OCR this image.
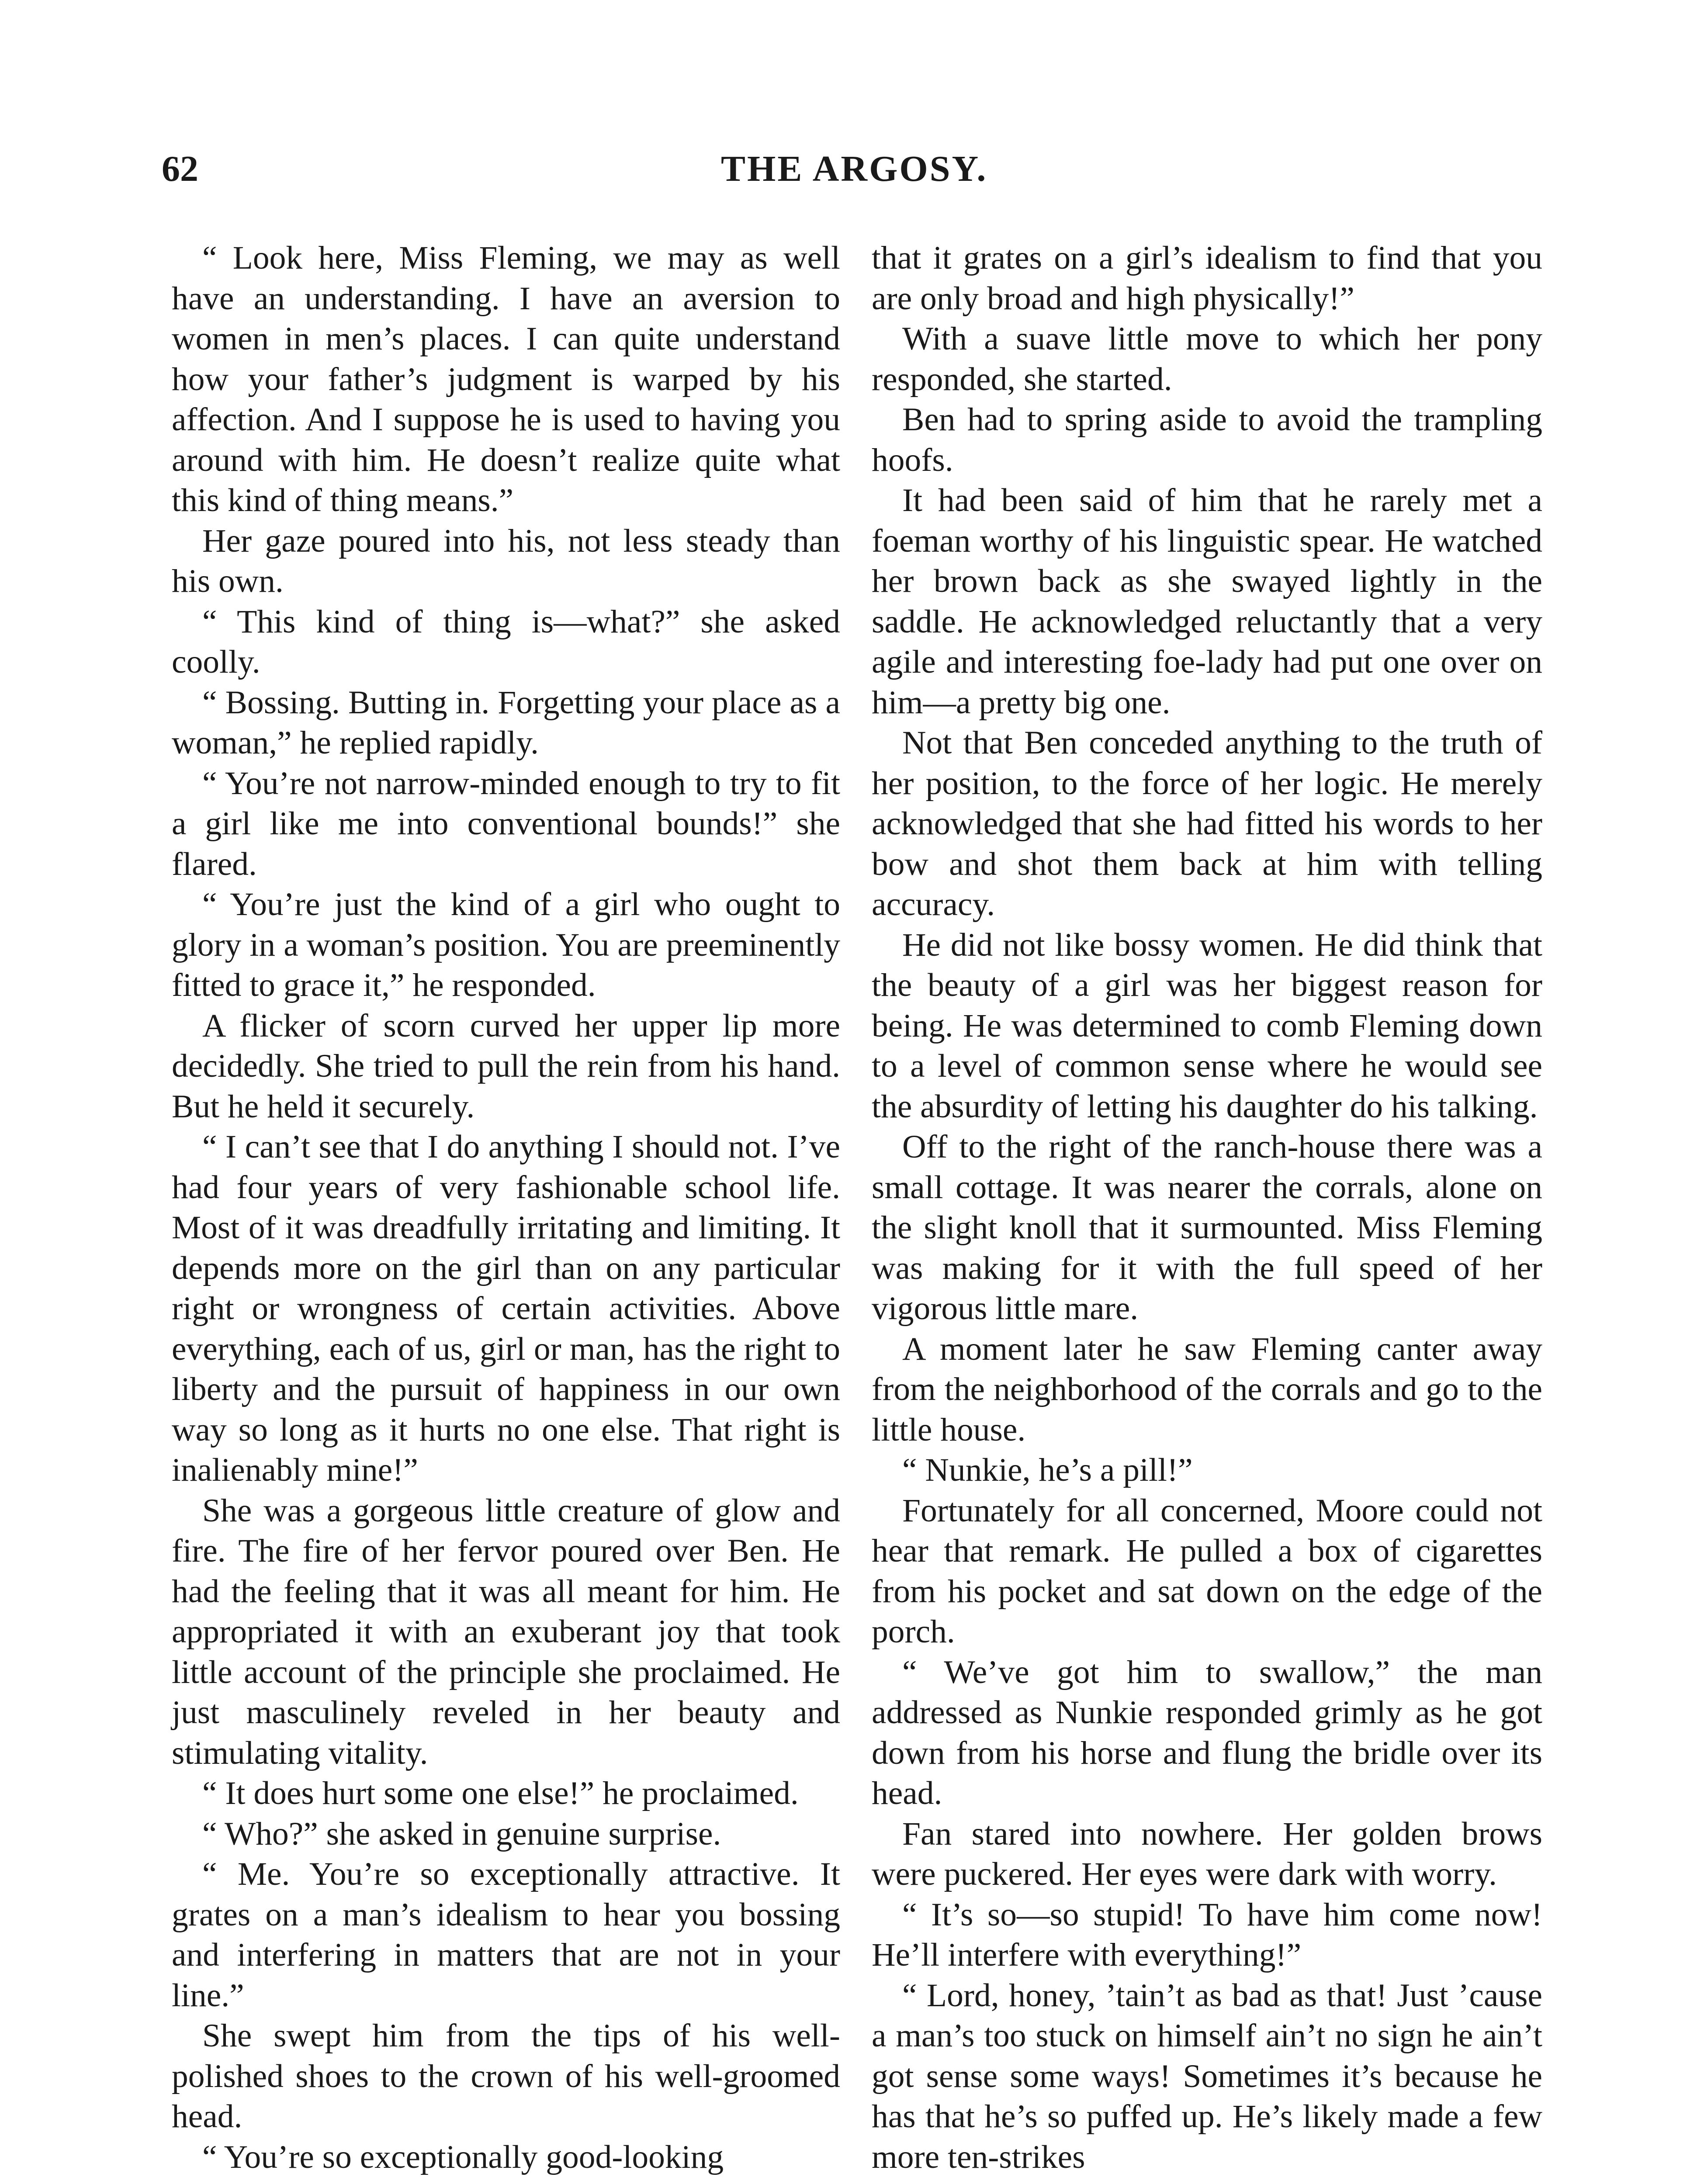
62	THE ARGOSY.

“ Look here, Miss Fleming, we may as well have an understanding. I have an aversion to women in men’s places. I can quite understand how your father’s judgment is warped by his affection. And I suppose he is used to having you around with him. He doesn’t realize quite what this kind of thing means.”

Her gaze poured into his, not less steady than his own.

“ This kind of thing is—what?” she asked coolly.

“ Bossing. Butting in. Forgetting your place as a woman,” he replied rapidly.

“ You’re not narrow-minded enough to try to fit a girl like me into conventional bounds!” she flared.

“ You’re just the kind of a girl who ought to glory in a woman’s position. You are preeminently fitted to grace it,” he responded.

A flicker of scorn curved her upper lip more decidedly. She tried to pull the rein from his hand. But he held it securely.

“ I can’t see that I do anything I should not. I’ve had four years of very fashionable school life. Most of it was dreadfully irritating and limiting. It depends more on the girl than on any particular right or wrongness of certain activities. Above everything, each of us, girl or man, has the right to liberty and the pursuit of happiness in our own way so long as it hurts no one else. That right is inalienably mine!”

She was a gorgeous little creature of glow and fire. The fire of her fervor poured over Ben. He had the feeling that it was all meant for him. He appropriated it with an exuberant joy that took little account of the principle she proclaimed. He just masculinely reveled in her beauty and stimulating vitality.

“ It does hurt some one else!” he proclaimed.

“ Who?” she asked in genuine surprise.

“ Me. You’re so exceptionally attractive. It grates on a man’s idealism to hear you bossing and interfering in matters that are not in your line.”

She swept him from the tips of his well-polished shoes to the crown of his well-groomed head.

“ You’re so exceptionally good-looking

that it grates on a girl’s idealism to find that you are only broad and high physically!”

With a suave little move to which her pony responded, she started.

Ben had to spring aside to avoid the trampling hoofs.

It had been said of him that he rarely met a foeman worthy of his linguistic spear. He watched her brown back as she swayed lightly in the saddle. He acknowledged reluctantly that a very agile and interesting foe-lady had put one over on him—a pretty big one.

Not that Ben conceded anything to the truth of her position, to the force of her logic. He merely acknowledged that she had fitted his words to her bow and shot them back at him with telling accuracy.

He did not like bossy women. He did think that the beauty of a girl was her biggest reason for being. He was determined to comb Fleming down to a level of common sense where he would see the absurdity of letting his daughter do his talking.

Off to the right of the ranch-house there was a small cottage. It was nearer the corrals, alone on the slight knoll that it surmounted. Miss Fleming was making for it with the full speed of her vigorous little mare.

A moment later he saw Fleming canter away from the neighborhood of the corrals and go to the little house.

“ Nunkie, he’s a pill!”

Fortunately for all concerned, Moore could not hear that remark. He pulled a box of cigarettes from his pocket and sat down on the edge of the porch.

“ We’ve got him to swallow,” the man addressed as Nunkie responded grimly as he got down from his horse and flung the bridle over its head.

Fan stared into nowhere. Her golden brows were puckered. Her eyes were dark with worry.

“ It’s so—so stupid! To have him come now! He’ll interfere with everything!”

“ Lord, honey, ’tain’t as bad as that! Just ’cause a man’s too stuck on himself ain’t no sign he ain’t got sense some ways! Sometimes it’s because he has that he’s so puffed up. He’s likely made a few more ten-strikes
